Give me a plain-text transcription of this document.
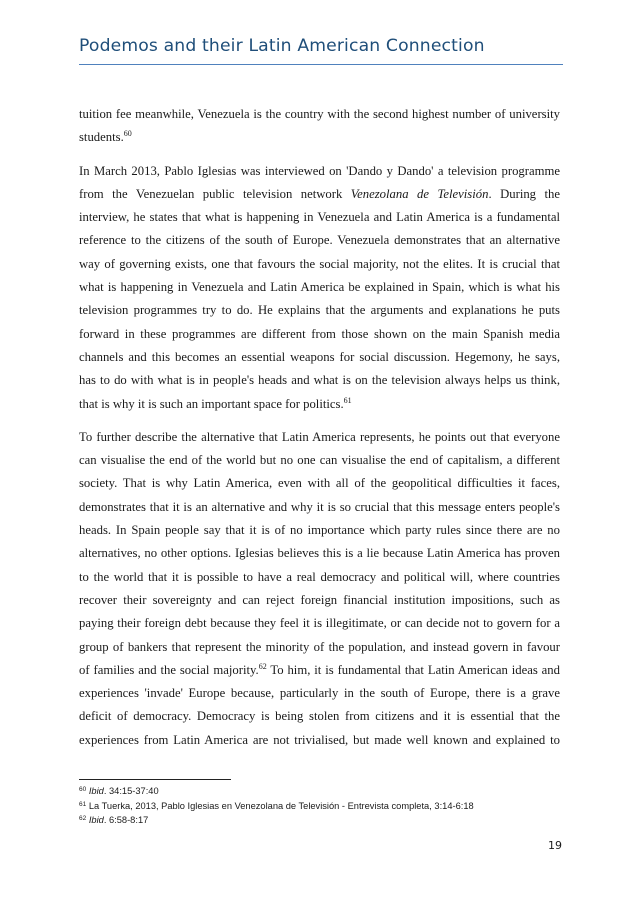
Podemos and their Latin American Connection

tuition fee meanwhile, Venezuela is the country with the second highest number of university
students.$^{60}$

In March 2013, Pablo Iglesias was interviewed on 'Dando y Dando' a television programme
from the Venezuelan public television network Venezolana de Televisión. During the
interview, he states that what is happening in Venezuela and Latin America is a fundamental
reference to the citizens of the south of Europe. Venezuela demonstrates that an alternative
way of governing exists, one that favours the social majority, not the elites. It is crucial that
what is happening in Venezuela and Latin America be explained in Spain, which is what his
television programmes try to do. He explains that the arguments and explanations he puts
forward in these programmes are different from those shown on the main Spanish media
channels and this becomes an essential weapons for social discussion. Hegemony, he says,
has to do with what is in people's heads and what is on the television always helps us think,
that is why it is such an important space for politics.$^{61}$

To further describe the alternative that Latin America represents, he points out that everyone
can visualise the end of the world but no one can visualise the end of capitalism, a different
society. That is why Latin America, even with all of the geopolitical difficulties it faces,
demonstrates that it is an alternative and why it is so crucial that this message enters people's
heads. In Spain people say that it is of no importance which party rules since there are no
alternatives, no other options. Iglesias believes this is a lie because Latin America has proven
to the world that it is possible to have a real democracy and political will, where countries
recover their sovereignty and can reject foreign financial institution impositions, such as
paying their foreign debt because they feel it is illegitimate, or can decide not to govern for a
group of bankers that represent the minority of the population, and instead govern in favour
of families and the social majority.$^{62}$ To him, it is fundamental that Latin American ideas and
experiences 'invade' Europe because, particularly in the south of Europe, there is a grave
deficit of democracy. Democracy is being stolen from citizens and it is essential that the
experiences from Latin America are not trivialised, but made well known and explained to

$^{60}$ Ibid. 34:15-37:40
$^{61}$ La Tuerka, 2013, Pablo Iglesias en Venezolana de Televisión - Entrevista completa, 3:14-6:18
$^{62}$ Ibid. 6:58-8:17
19
